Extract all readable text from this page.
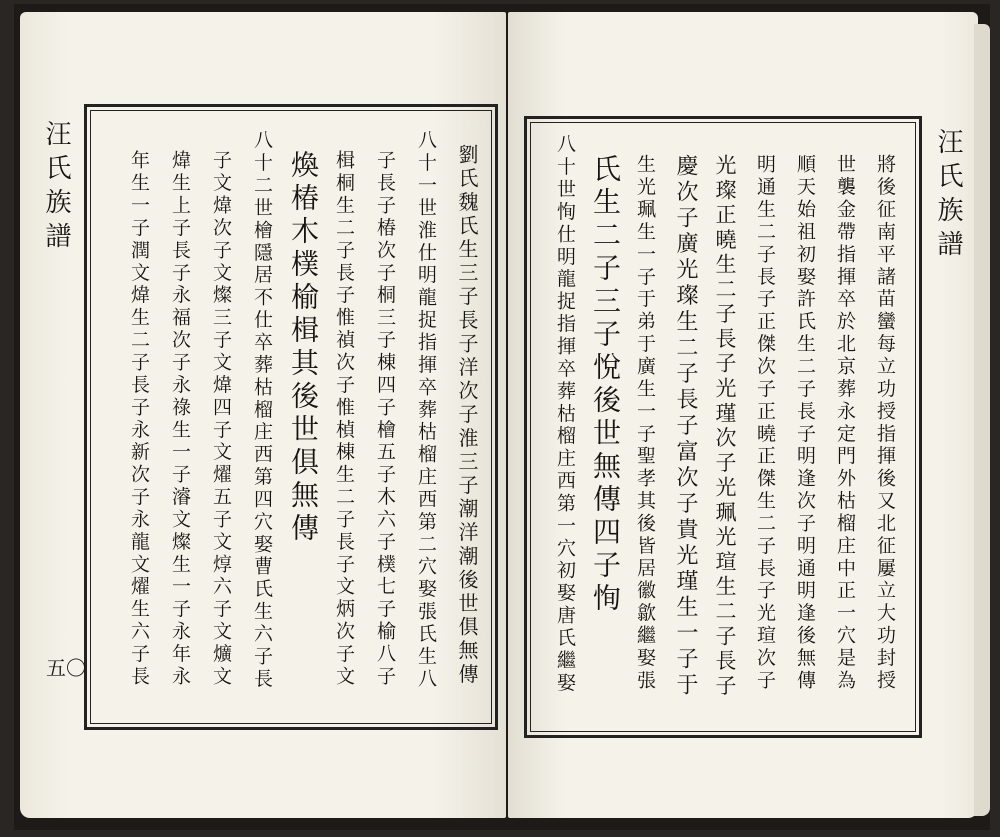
汪氏族譜	劉氏魏氏生三子長子洋次子淮三子潮洋潮後世俱無傳
八十一世淮仕明龍捉指揮卒葬枯榴庄西第二穴娶張氏生八
子長子椿次子桐三子棟四子檜五子木六子樸七子榆八子
楫桐生二子長子惟禎次子惟楨棟生二子長子文炳次子文
煥椿木樸榆楫其後世俱無傳
八十二世檜隱居不仕卒葬枯榴庄西第四穴娶曹氏生六子長
子文煒次子文燦三子文煒四子文燿五子文焞六子文爌文
煒生上子長子永福次子永祿生一子濬文燦生一子永年永
年生一子潤文煒生二子長子永新次子永龍文燿生六子長
五〇	將後征南平諸苗蠻每立功授指揮後又北征屢立大功封授
世襲金帶指揮卒於北京葬永定門外枯榴庄中正一穴是為
順天始祖初娶許氏生二子長子明逢次子明通明逢後無傳
明通生二子長子正傑次子正曉正傑生二子長子光瑄次子
光璨正曉生二子長子光瑾次子光珮光瑄生二子長子
慶次子廣光璨生二子長子富次子貴光瑾生一子于
生光珮生一子于弟于廣生一子聖孝其後皆居徽歙繼娶張
氏生二子三子悅後世無傳四子恂
八十世恂仕明龍捉指揮卒葬枯榴庄西第一穴初娶唐氏繼娶	汪氏族譜
